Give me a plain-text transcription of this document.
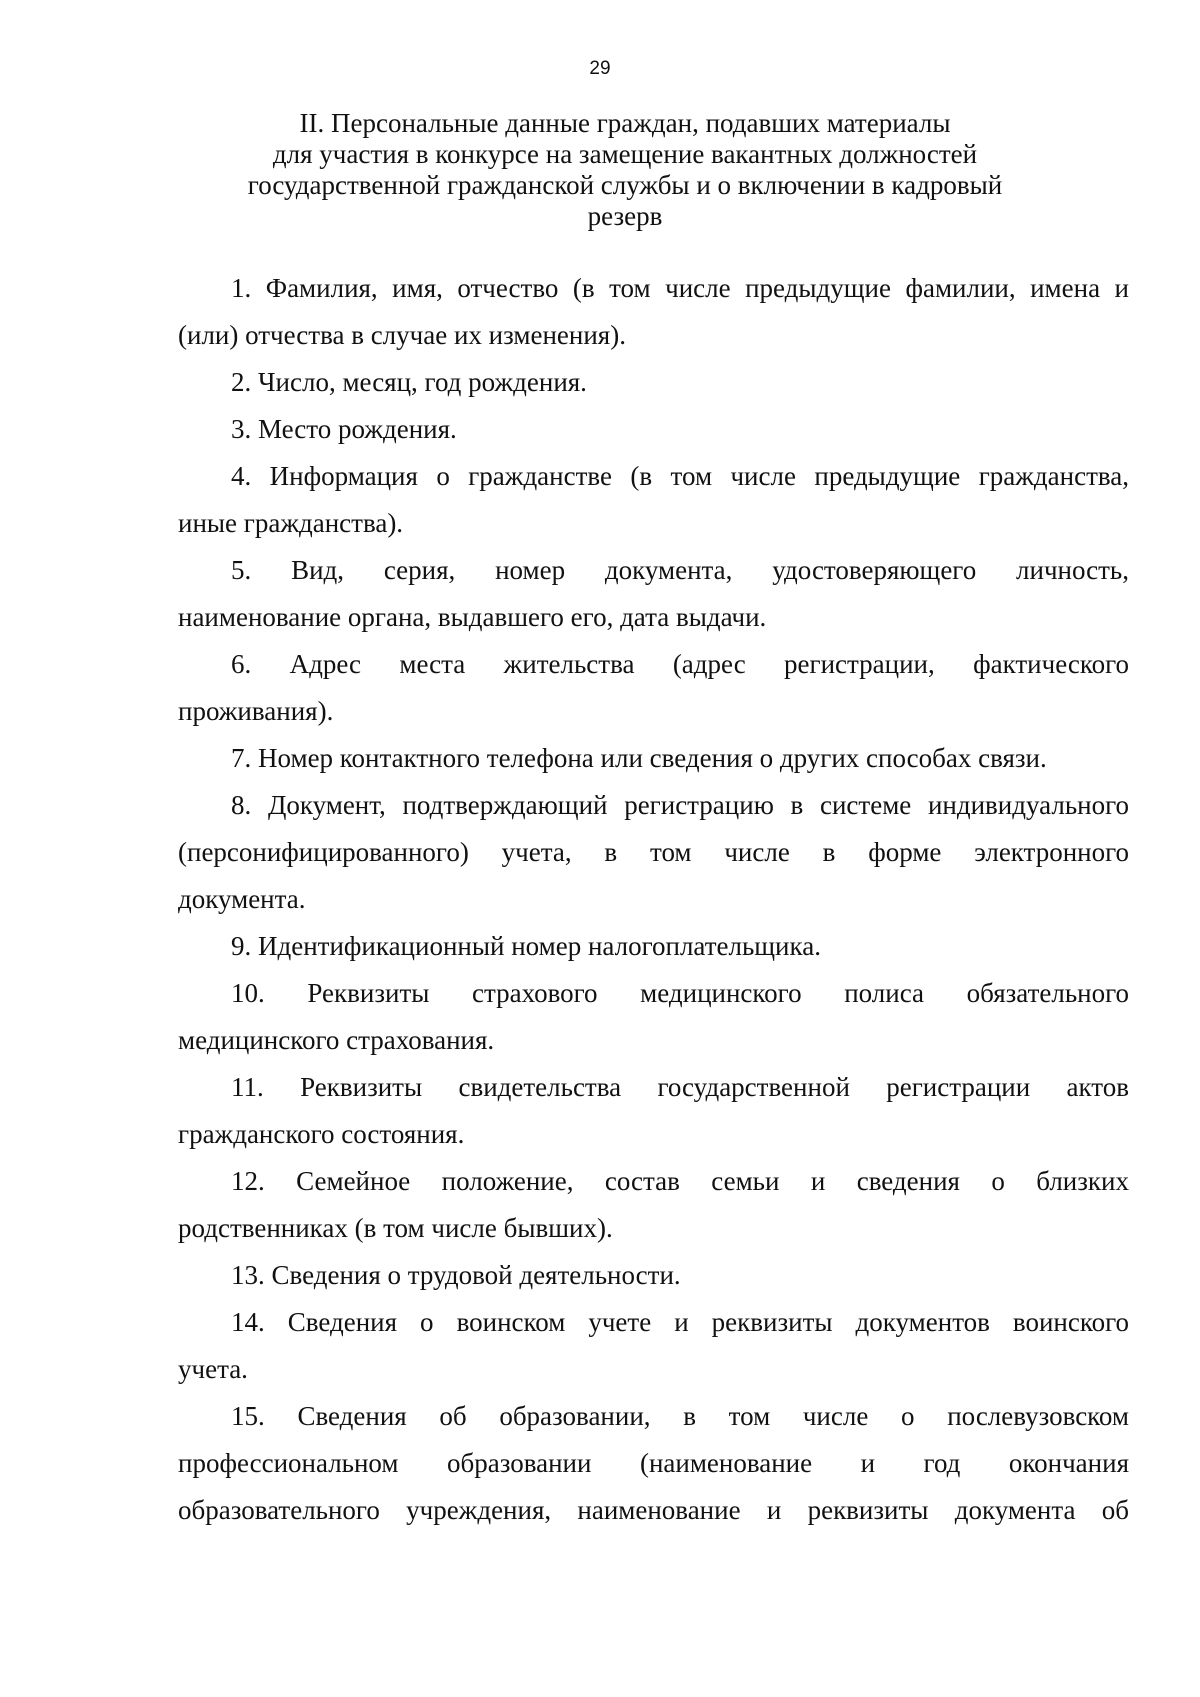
29
II. Персональные данные граждан, подавших материалы
для участия в конкурсе на замещение вакантных должностей
государственной гражданской службы и о включении в кадровый
резерв

1. Фамилия, имя, отчество (в том числе предыдущие фамилии, имена и
(или) отчества в случае их изменения).

2. Число, месяц, год рождения.

3. Место рождения.

4. Информация о гражданстве (в том числе предыдущие гражданства,
иные гражданства).

5. Вид, серия, номер документа, удостоверяющего личность,
наименование органа, выдавшего его, дата выдачи.

6. Адрес места жительства (адрес регистрации, фактического
проживания).

7. Номер контактного телефона или сведения о других способах связи.

8. Документ, подтверждающий регистрацию в системе индивидуального
(персонифицированного) учета, в том числе в форме электронного
документа.

9. Идентификационный номер налогоплательщика.

10. Реквизиты страхового медицинского полиса обязательного
медицинского страхования.

11. Реквизиты свидетельства государственной регистрации актов
гражданского состояния.

12. Семейное положение, состав семьи и сведения о близких
родственниках (в том числе бывших).

13. Сведения о трудовой деятельности.

14. Сведения о воинском учете и реквизиты документов воинского
учета.

15. Сведения об образовании, в том числе о послевузовском
профессиональном образовании (наименование и год окончания
образовательного учреждения, наименование и реквизиты документа об
